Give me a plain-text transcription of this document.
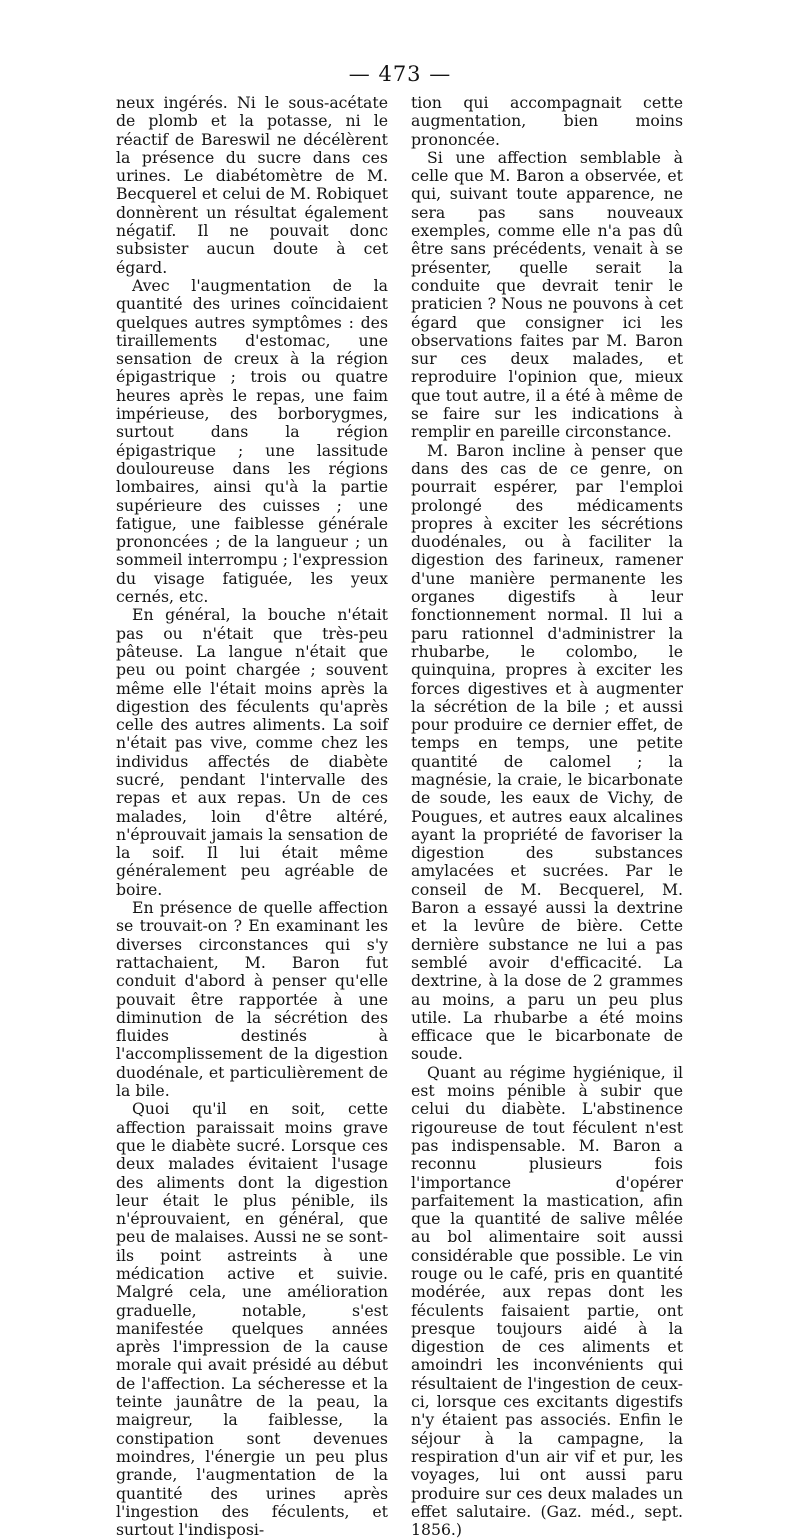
— 473 —

neux ingérés. Ni le sous-acétate de plomb et la potasse, ni le réactif de Bareswil ne décélèrent la présence du sucre dans ces urines. Le diabétomètre de M. Becquerel et celui de M. Robiquet donnèrent un résultat également négatif. Il ne pouvait donc subsister aucun doute à cet égard.

Avec l'augmentation de la quantité des urines coïncidaient quelques autres symptômes : des tiraillements d'estomac, une sensation de creux à la région épigastrique ; trois ou quatre heures après le repas, une faim impérieuse, des borborygmes, surtout dans la région épigastrique ; une lassitude douloureuse dans les régions lombaires, ainsi qu'à la partie supérieure des cuisses ; une fatigue, une faiblesse générale prononcées ; de la langueur ; un sommeil interrompu ; l'expression du visage fatiguée, les yeux cernés, etc.

En général, la bouche n'était pas ou n'était que très-peu pâteuse. La langue n'était que peu ou point chargée ; souvent même elle l'était moins après la digestion des féculents qu'après celle des autres aliments. La soif n'était pas vive, comme chez les individus affectés de diabète sucré, pendant l'intervalle des repas et aux repas. Un de ces malades, loin d'être altéré, n'éprouvait jamais la sensation de la soif. Il lui était même généralement peu agréable de boire.

En présence de quelle affection se trouvait-on ? En examinant les diverses circonstances qui s'y rattachaient, M. Baron fut conduit d'abord à penser qu'elle pouvait être rapportée à une diminution de la sécrétion des fluides destinés à l'accomplissement de la digestion duodénale, et particulièrement de la bile.

Quoi qu'il en soit, cette affection paraissait moins grave que le diabète sucré. Lorsque ces deux malades évitaient l'usage des aliments dont la digestion leur était le plus pénible, ils n'éprouvaient, en général, que peu de malaises. Aussi ne se sont-ils point astreints à une médication active et suivie. Malgré cela, une amélioration graduelle, notable, s'est manifestée quelques années après l'impression de la cause morale qui avait présidé au début de l'affection. La sécheresse et la teinte jaunâtre de la peau, la maigreur, la faiblesse, la constipation sont devenues moindres, l'énergie un peu plus grande, l'augmentation de la quantité des urines après l'ingestion des féculents, et surtout l'indisposi-

tion qui accompagnait cette augmentation, bien moins prononcée.

Si une affection semblable à celle que M. Baron a observée, et qui, suivant toute apparence, ne sera pas sans nouveaux exemples, comme elle n'a pas dû être sans précédents, venait à se présenter, quelle serait la conduite que devrait tenir le praticien ? Nous ne pouvons à cet égard que consigner ici les observations faites par M. Baron sur ces deux malades, et reproduire l'opinion que, mieux que tout autre, il a été à même de se faire sur les indications à remplir en pareille circonstance.

M. Baron incline à penser que dans des cas de ce genre, on pourrait espérer, par l'emploi prolongé des médicaments propres à exciter les sécrétions duodénales, ou à faciliter la digestion des farineux, ramener d'une manière permanente les organes digestifs à leur fonctionnement normal. Il lui a paru rationnel d'administrer la rhubarbe, le colombo, le quinquina, propres à exciter les forces digestives et à augmenter la sécrétion de la bile ; et aussi pour produire ce dernier effet, de temps en temps, une petite quantité de calomel ; la magnésie, la craie, le bicarbonate de soude, les eaux de Vichy, de Pougues, et autres eaux alcalines ayant la propriété de favoriser la digestion des substances amylacées et sucrées. Par le conseil de M. Becquerel, M. Baron a essayé aussi la dextrine et la levûre de bière. Cette dernière substance ne lui a pas semblé avoir d'efficacité. La dextrine, à la dose de 2 grammes au moins, a paru un peu plus utile. La rhubarbe a été moins efficace que le bicarbonate de soude.

Quant au régime hygiénique, il est moins pénible à subir que celui du diabète. L'abstinence rigoureuse de tout féculent n'est pas indispensable. M. Baron a reconnu plusieurs fois l'importance d'opérer parfaitement la mastication, afin que la quantité de salive mêlée au bol alimentaire soit aussi considérable que possible. Le vin rouge ou le café, pris en quantité modérée, aux repas dont les féculents faisaient partie, ont presque toujours aidé à la digestion de ces aliments et amoindri les inconvénients qui résultaient de l'ingestion de ceux-ci, lorsque ces excitants digestifs n'y étaient pas associés. Enfin le séjour à la campagne, la respiration d'un air vif et pur, les voyages, lui ont aussi paru produire sur ces deux malades un effet salutaire. (Gaz. méd., sept. 1856.)
